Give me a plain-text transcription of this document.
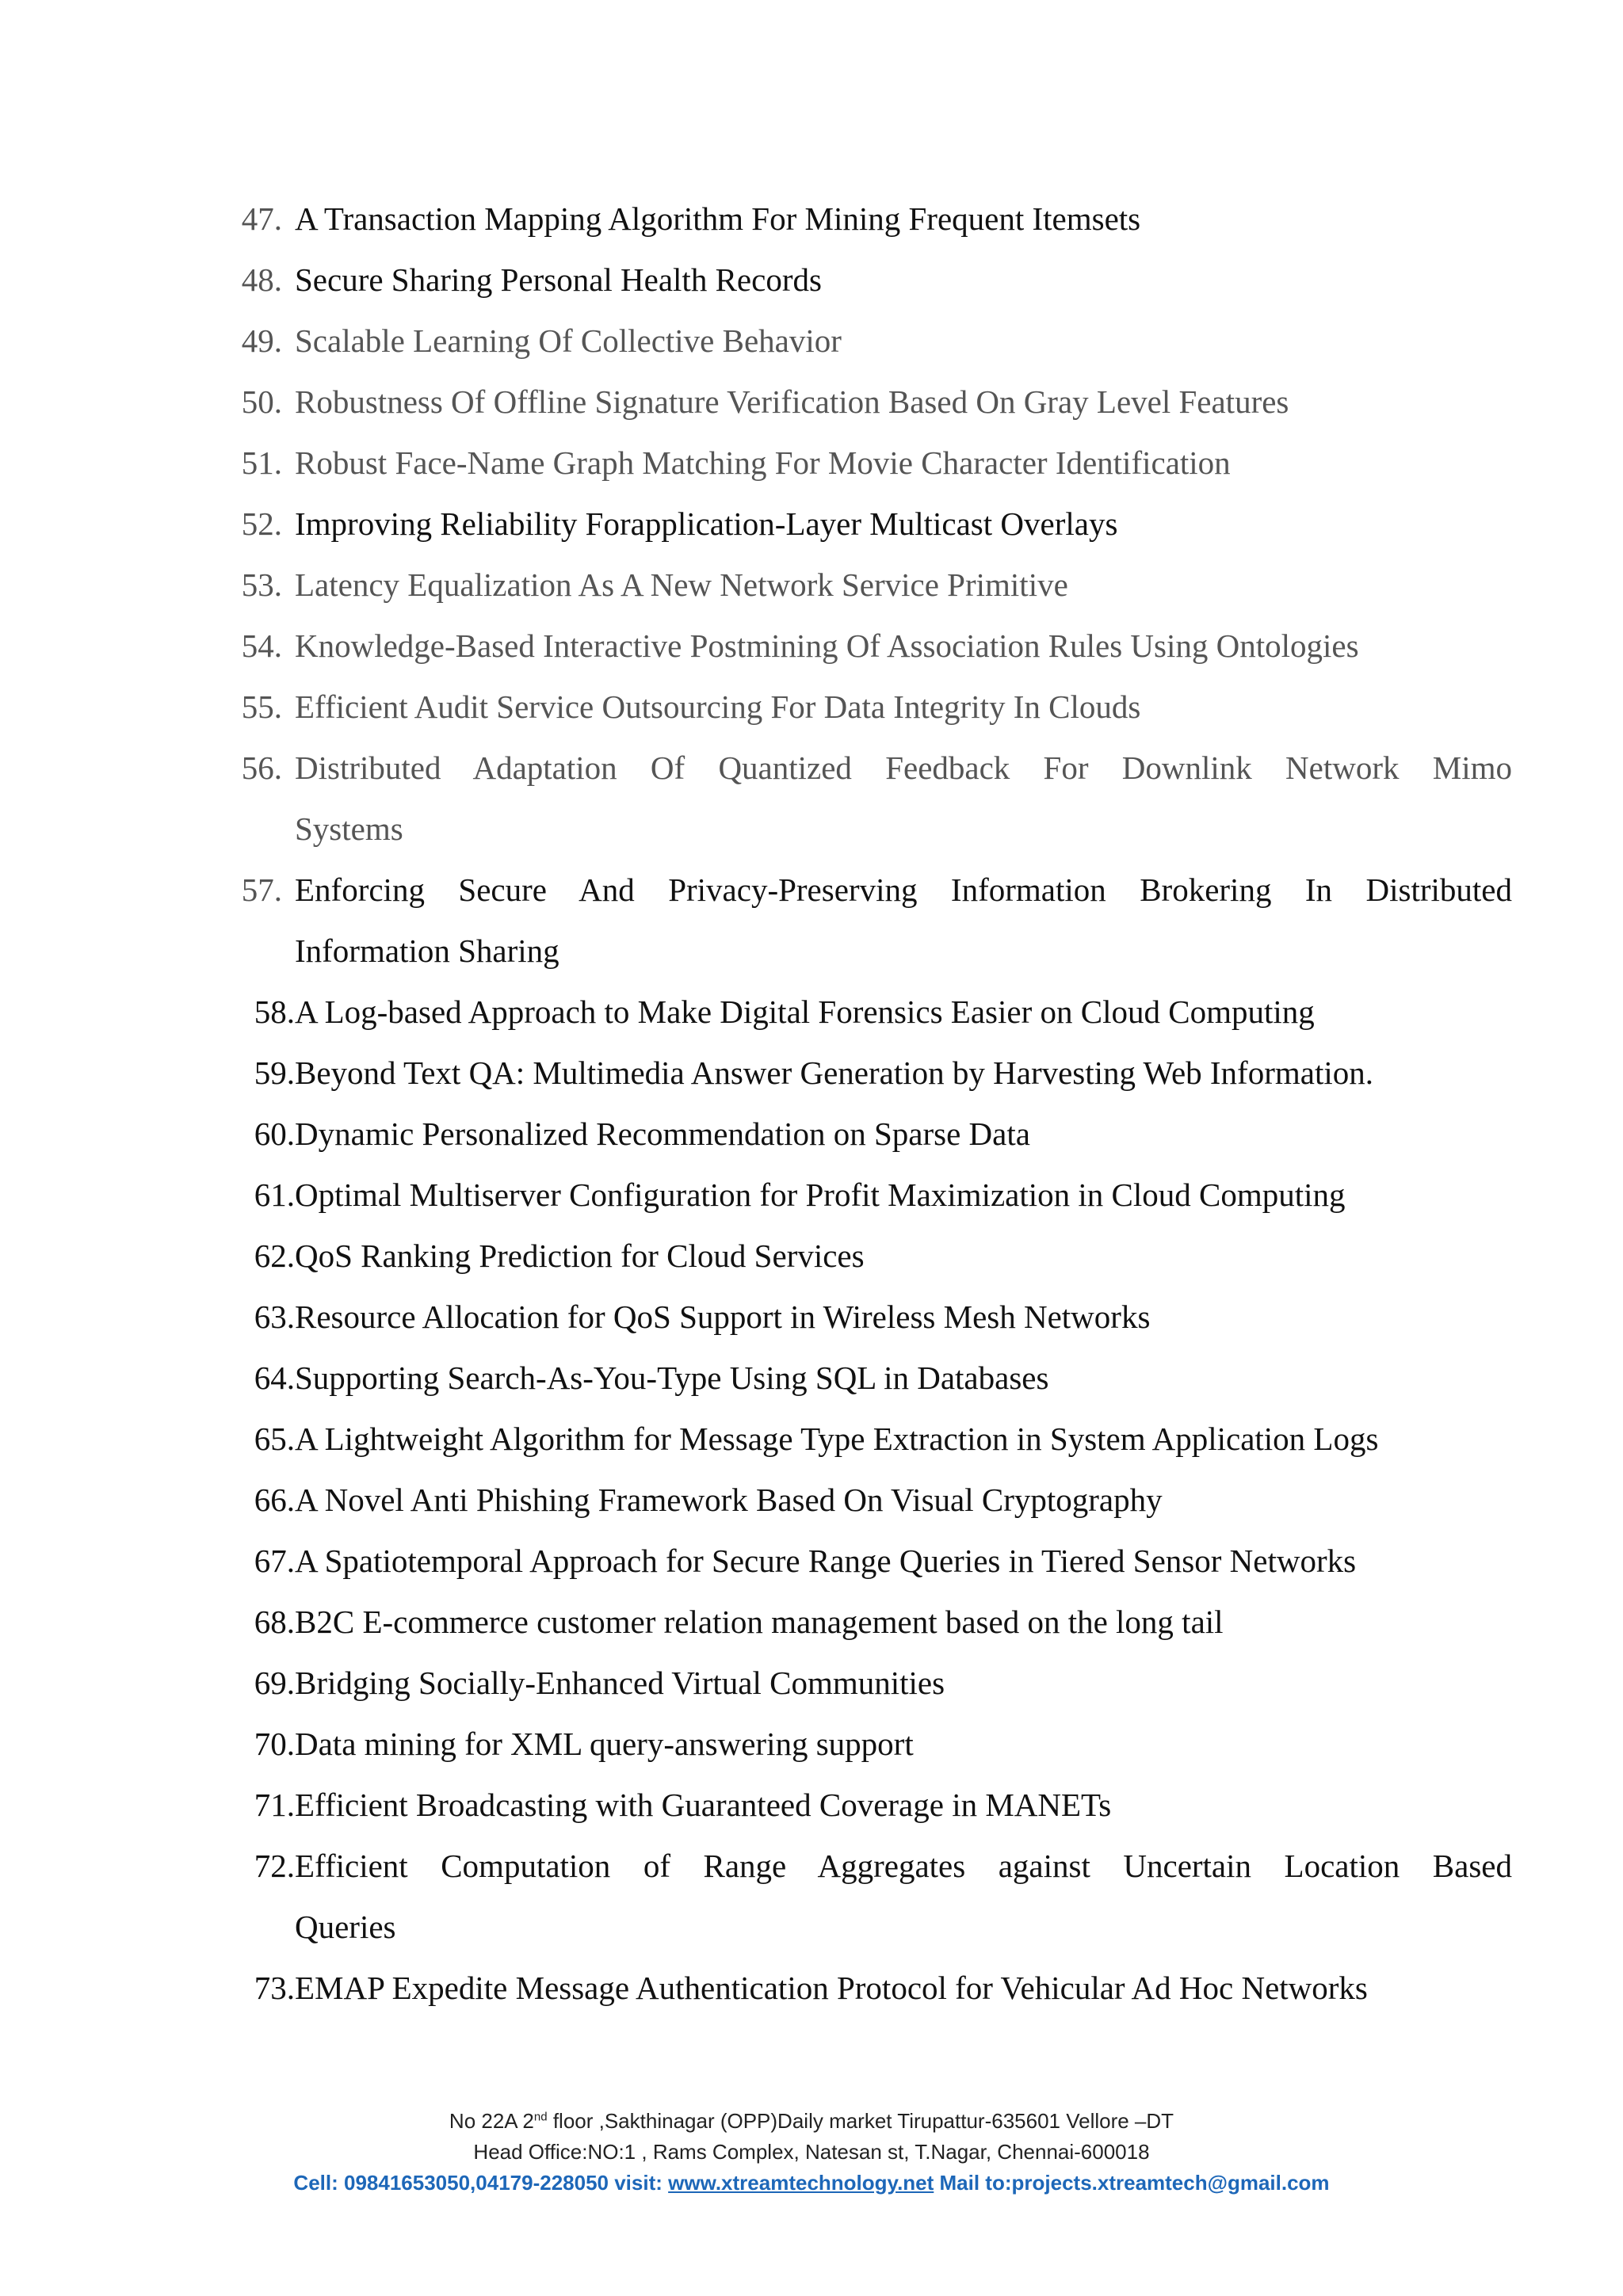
47. A Transaction Mapping Algorithm For Mining Frequent Itemsets
48. Secure Sharing Personal Health Records
49. Scalable Learning Of Collective Behavior
50. Robustness Of Offline Signature Verification Based On Gray Level Features
51. Robust Face-Name Graph Matching For Movie Character Identification
52. Improving Reliability Forapplication-Layer Multicast Overlays
53. Latency Equalization As A New Network Service Primitive
54. Knowledge-Based Interactive Postmining Of Association Rules Using Ontologies
55. Efficient Audit Service Outsourcing For Data Integrity In Clouds
56. Distributed Adaptation Of Quantized Feedback For Downlink Network Mimo
Systems
57. Enforcing Secure And Privacy-Preserving Information Brokering In Distributed
Information Sharing
58. A Log-based Approach to Make Digital Forensics Easier on Cloud Computing
59. Beyond Text QA: Multimedia Answer Generation by Harvesting Web Information.
60. Dynamic Personalized Recommendation on Sparse Data
61. Optimal Multiserver Configuration for Profit Maximization in Cloud Computing
62. QoS Ranking Prediction for Cloud Services
63. Resource Allocation for QoS Support in Wireless Mesh Networks
64. Supporting Search-As-You-Type Using SQL in Databases
65. A Lightweight Algorithm for Message Type Extraction in System Application Logs
66. A Novel Anti Phishing Framework Based On Visual Cryptography
67. A Spatiotemporal Approach for Secure Range Queries in Tiered Sensor Networks
68. B2C E-commerce customer relation management based on the long tail
69. Bridging Socially-Enhanced Virtual Communities
70. Data mining for XML query-answering support
71. Efficient Broadcasting with Guaranteed Coverage in MANETs
72. Efficient Computation of Range Aggregates against Uncertain Location Based
Queries
73. EMAP Expedite Message Authentication Protocol for Vehicular Ad Hoc Networks
No 22A 2nd floor ,Sakthinagar (OPP)Daily market Tirupattur-635601 Vellore –DT
Head Office:NO:1 , Rams Complex, Natesan st, T.Nagar, Chennai-600018
Cell: 09841653050,04179-228050 visit: www.xtreamtechnology.net Mail to:projects.xtreamtech@gmail.com
